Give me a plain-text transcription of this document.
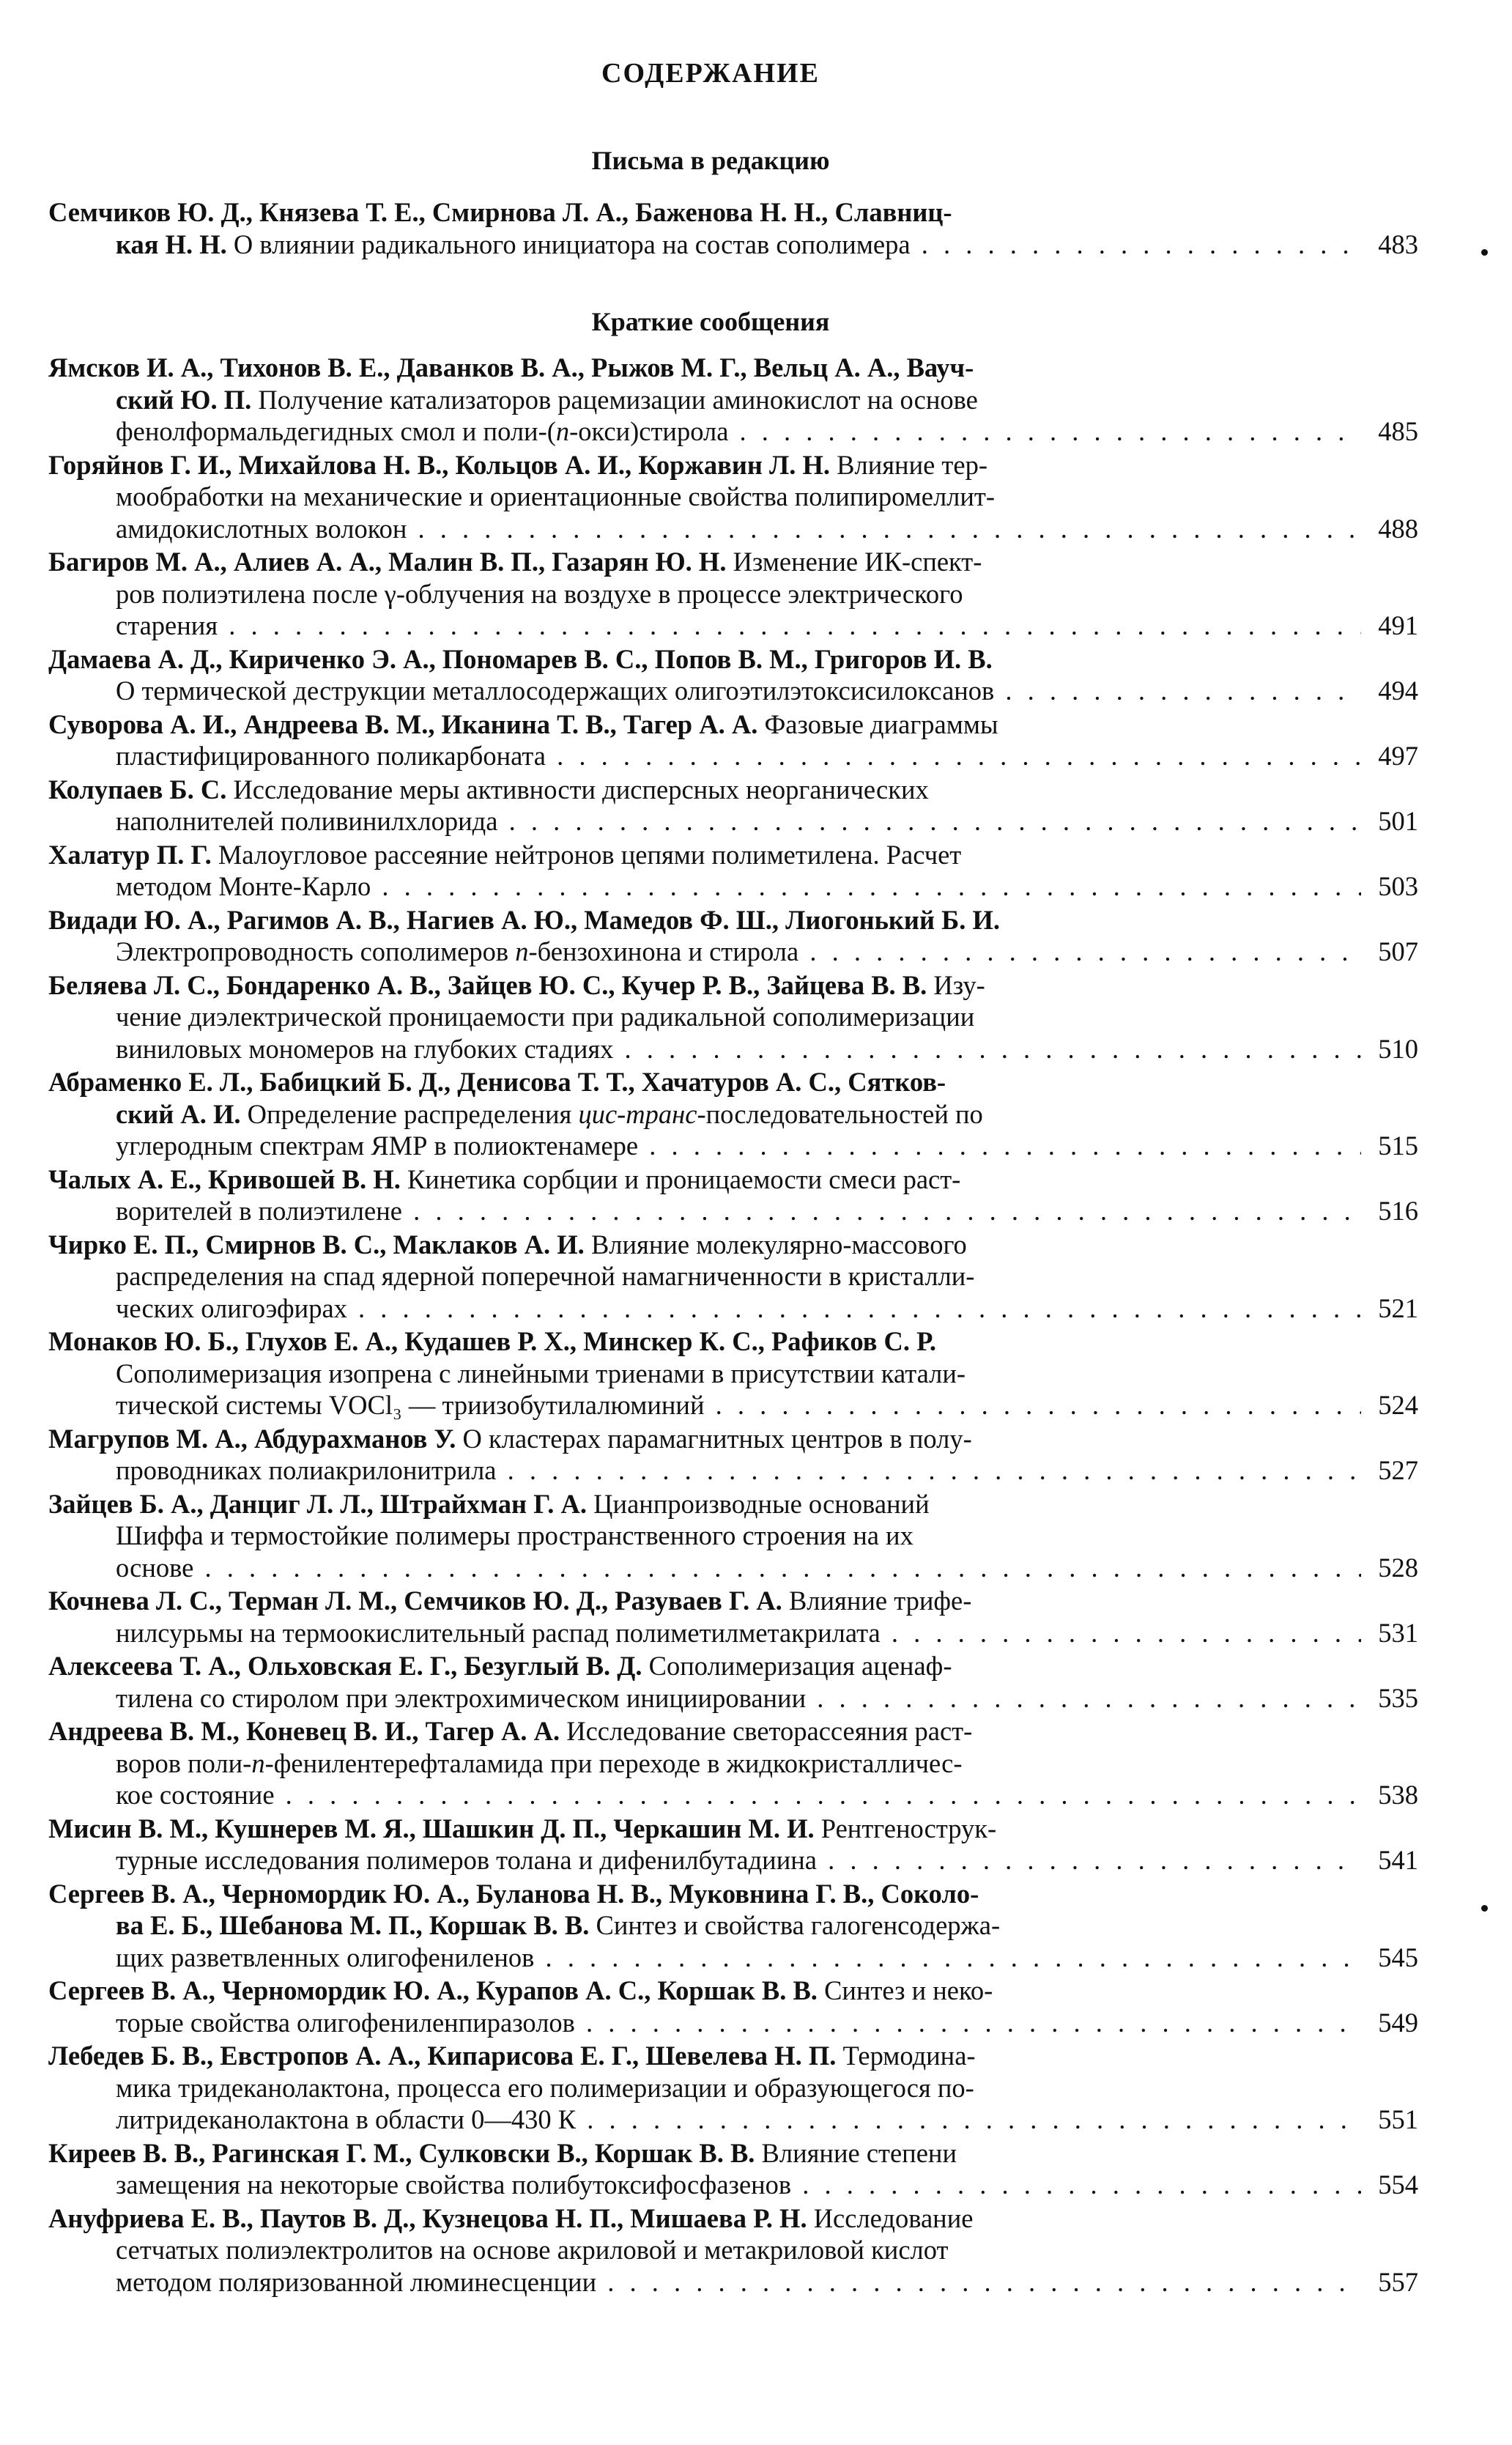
СОДЕРЖАНИЕ
Письма в редакцию
Семчиков Ю. Д., Князева Т. Е., Смирнова Л. А., Баженова Н. Н., Славниц-
кая Н. Н. О влиянии радикального инициатора на состав сополимера . . .	483
Краткие сообщения
Ямсков И. А., Тихонов В. Е., Даванков В. А., Рыжов М. Г., Вельц А. А., Вауч-
ский Ю. П. Получение катализаторов рацемизации аминокислот на основе
фенолформальдегидных смол и поли-(п-окси)стирола . . .	485
Горяйнов Г. И., Михайлова Н. В., Кольцов А. И., Коржавин Л. Н. Влияние тер-
мообработки на механические и ориентационные свойства полипиромеллит-
амидокислотных волокон . . .	488
Багиров М. А., Алиев А. А., Малин В. П., Газарян Ю. Н. Изменение ИК-спект-
ров полиэтилена после γ-облучения на воздухе в процессе электрического
старения . . .	491
Дамаева А. Д., Кириченко Э. А., Пономарев В. С., Попов В. М., Григоров И. В.
О термической деструкции металлосодержащих олигоэтилэтоксисилоксанов . . .	494
Суворова А. И., Андреева В. М., Иканина Т. В., Тагер А. А. Фазовые диаграммы
пластифицированного поликарбоната . . .	497
Колупаев Б. С. Исследование меры активности дисперсных неорганических
наполнителей поливинилхлорида . . .	501
Халатур П. Г. Малоугловое рассеяние нейтронов цепями полиметилена. Расчет
методом Монте-Карло . . .	503
Видади Ю. А., Рагимов А. В., Нагиев А. Ю., Мамедов Ф. Ш., Лиогонький Б. И.
Электропроводность сополимеров п-бензохинона и стирола . . .	507
Беляева Л. С., Бондаренко А. В., Зайцев Ю. С., Кучер Р. В., Зайцева В. В. Изу-
чение диэлектрической проницаемости при радикальной сополимеризации
виниловых мономеров на глубоких стадиях . . .	510
Абраменко Е. Л., Бабицкий Б. Д., Денисова Т. Т., Хачатуров А. С., Сятков-
ский А. И. Определение распределения цис-транс-последовательностей по
углеродным спектрам ЯМР в полиоктенамере . . .	515
Чалых А. Е., Кривошей В. Н. Кинетика сорбции и проницаемости смеси раст-
ворителей в полиэтилене . . .	516
Чирко Е. П., Смирнов В. С., Маклаков А. И. Влияние молекулярно-массового
распределения на спад ядерной поперечной намагниченности в кристалли-
ческих олигоэфирах . . .	521
Монаков Ю. Б., Глухов Е. А., Кудашев Р. Х., Минскер К. С., Рафиков С. Р.
Сополимеризация изопрена с линейными триенами в присутствии катали-
тической системы VOCl₃ — триизобутилалюминий . . .	524
Магрупов М. А., Абдурахманов У. О кластерах парамагнитных центров в полу-
проводниках полиакрилонитрила . . .	527
Зайцев Б. А., Данциг Л. Л., Штрайхман Г. А. Цианпроизводные оснований
Шиффа и термостойкие полимеры пространственного строения на их
основе . . .	528
Кочнева Л. С., Терман Л. М., Семчиков Ю. Д., Разуваев Г. А. Влияние трифе-
нилсурьмы на термоокислительный распад полиметилметакрилата . . .	531
Алексеева Т. А., Ольховская Е. Г., Безуглый В. Д. Сополимеризация аценаф-
тилена со стиролом при электрохимическом инициировании . . .	535
Андреева В. М., Коневец В. И., Тагер А. А. Исследование светорассеяния раст-
воров поли-п-фенилентерефталамида при переходе в жидкокристалличес-
кое состояние . . .	538
Мисин В. М., Кушнерев М. Я., Шашкин Д. П., Черкашин М. И. Рентгенострук-
турные исследования полимеров толана и дифенилбутадиина . . .	541
Сергеев В. А., Черномордик Ю. А., Буланова Н. В., Муковнина Г. В., Соколо-
ва Е. Б., Шебанова М. П., Коршак В. В. Синтез и свойства галогенсодержа-
щих разветвленных олигофениленов . . .	545
Сергеев В. А., Черномордик Ю. А., Курапов А. С., Коршак В. В. Синтез и неко-
торые свойства олигофениленпиразолов . . .	549
Лебедев Б. В., Евстропов А. А., Кипарисова Е. Г., Шевелева Н. П. Термодина-
мика тридеканолактона, процесса его полимеризации и образующегося по-
литридеканолактона в области 0—430 К . . .	551
Киреев В. В., Рагинская Г. М., Сулковски В., Коршак В. В. Влияние степени
замещения на некоторые свойства полибутоксифосфазенов . . .	554
Ануфриева Е. В., Паутов В. Д., Кузнецова Н. П., Мишаева Р. Н. Исследование
сетчатых полиэлектролитов на основе акриловой и метакриловой кислот
методом поляризованной люминесценции . . .	557
